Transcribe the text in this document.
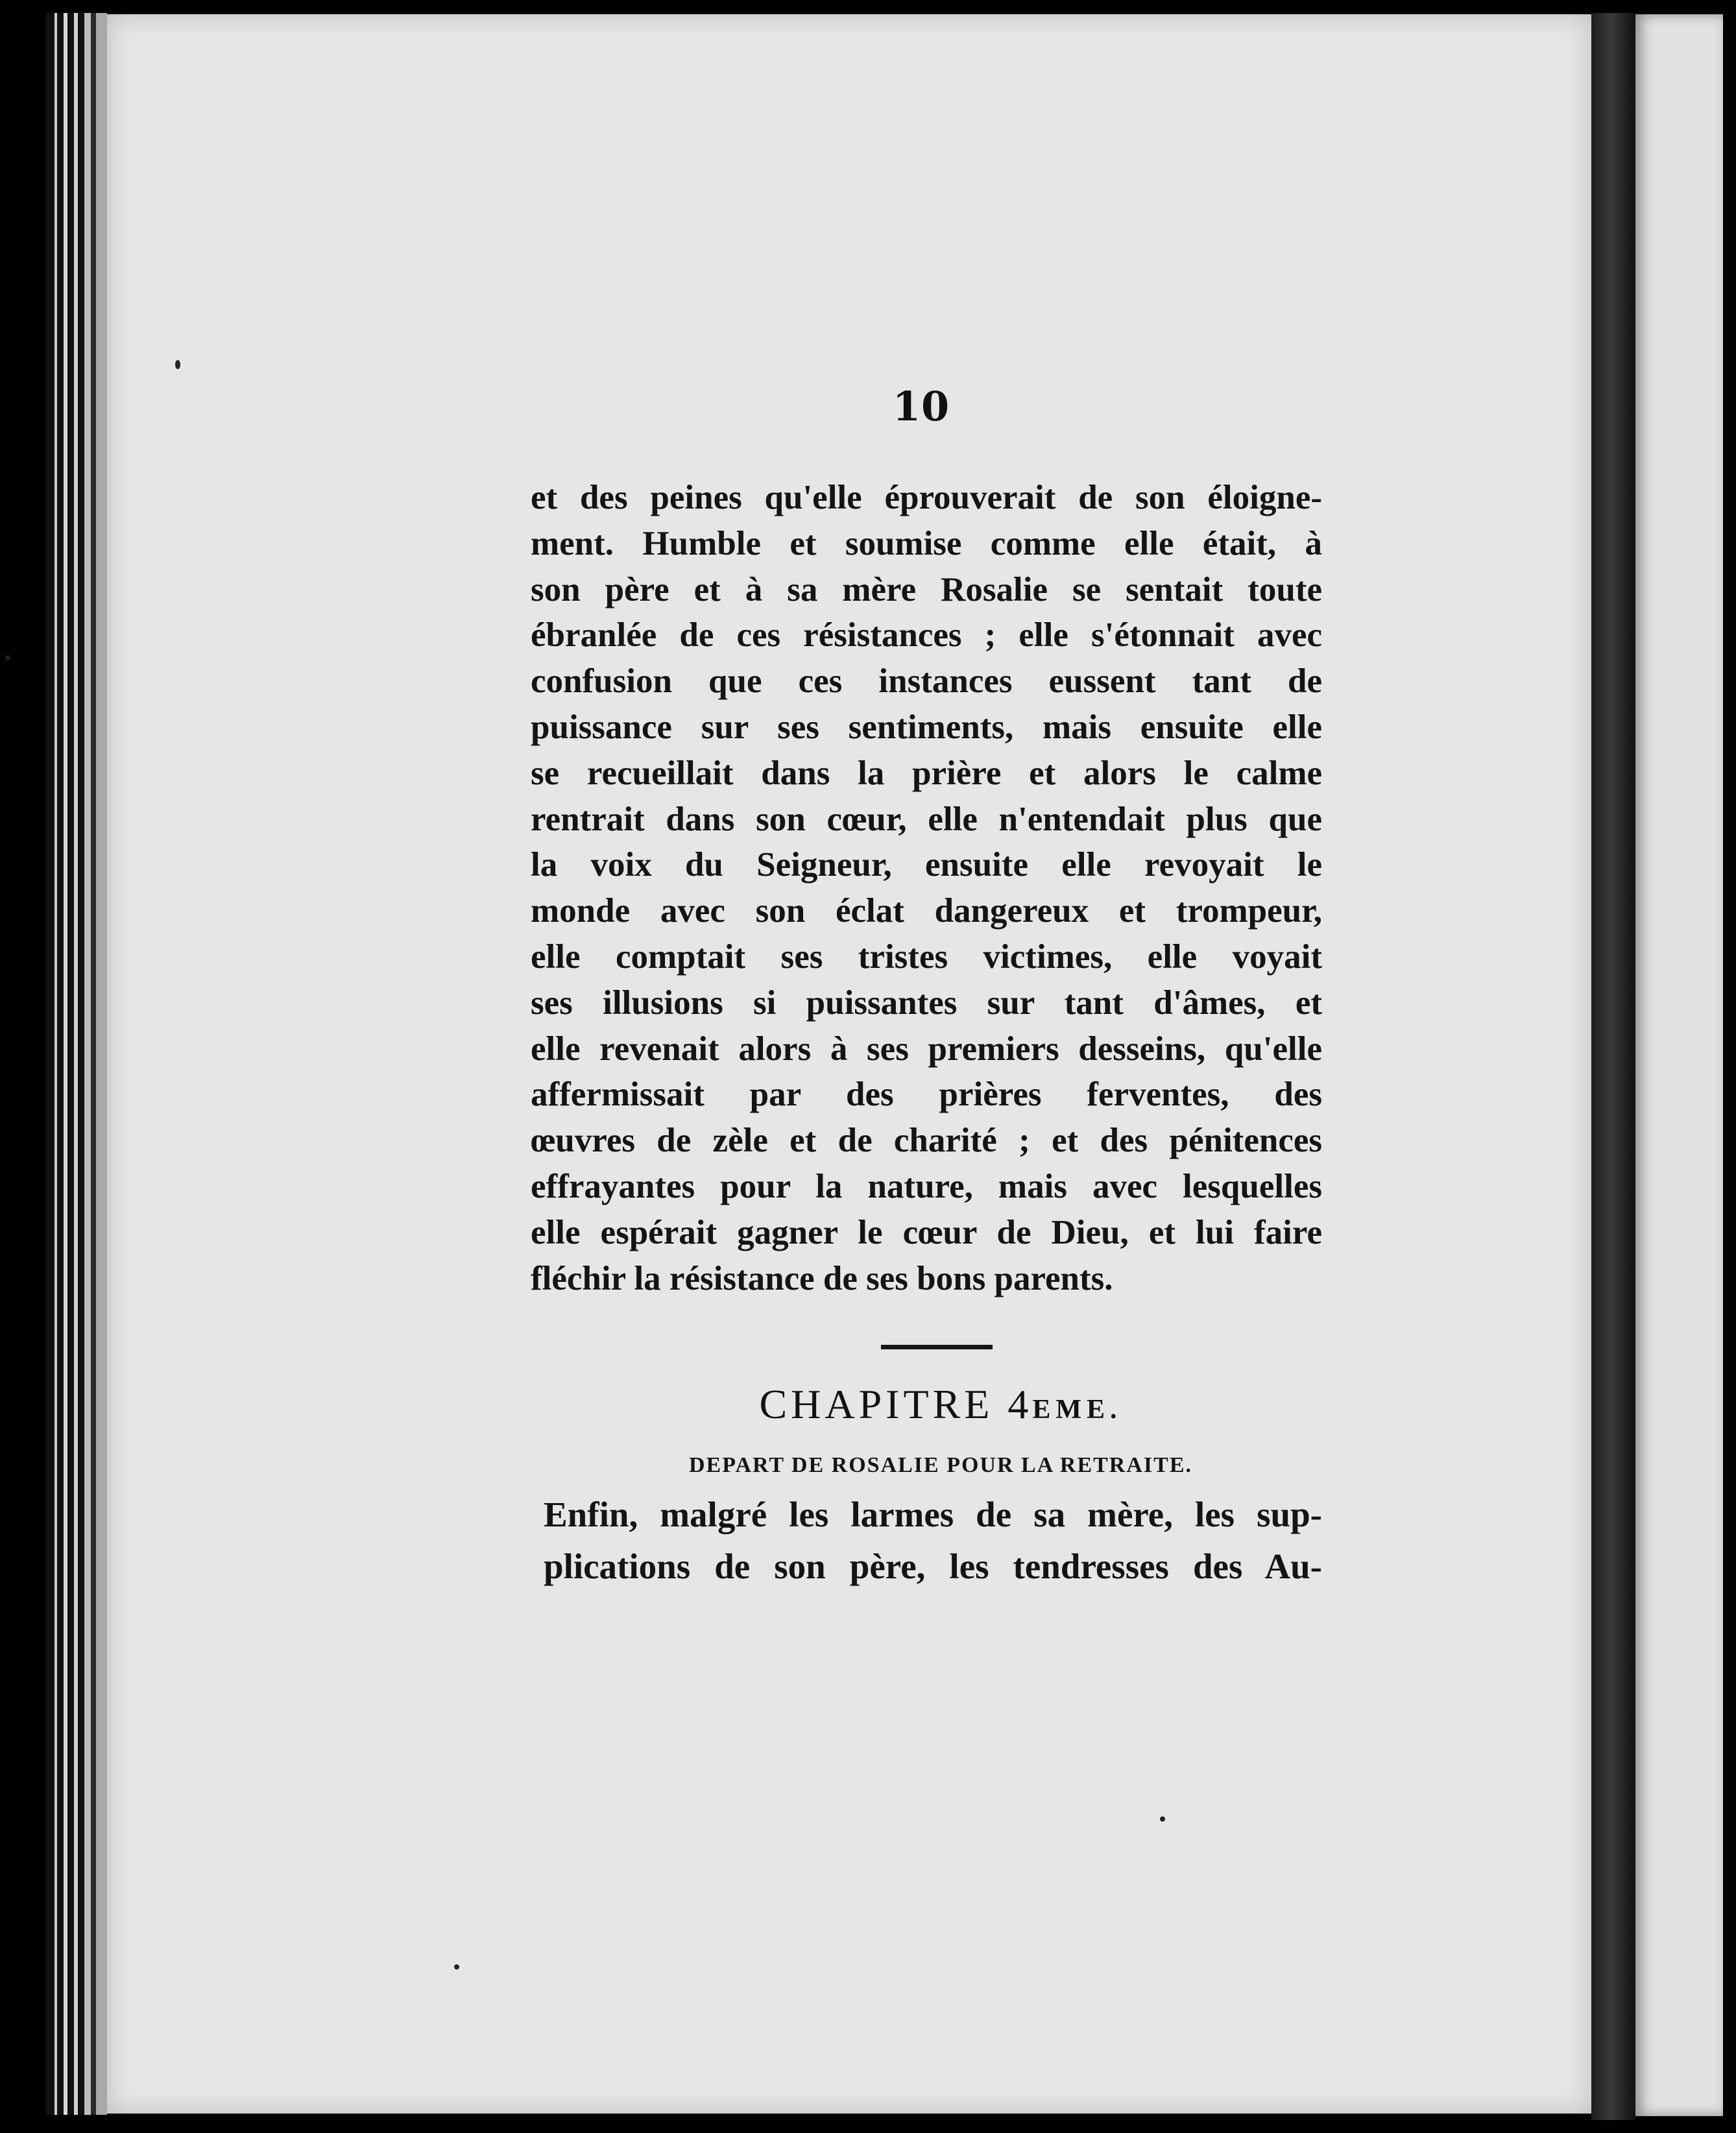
10
et des peines qu'elle éprouverait de son éloigne-
ment. Humble et soumise comme elle était, à
son père et à sa mère Rosalie se sentait toute
ébranlée de ces résistances ; elle s'étonnait avec
confusion que ces instances eussent tant de
puissance sur ses sentiments, mais ensuite elle
se recueillait dans la prière et alors le calme
rentrait dans son cœur, elle n'entendait plus que
la voix du Seigneur, ensuite elle revoyait le
monde avec son éclat dangereux et trompeur,
elle comptait ses tristes victimes, elle voyait
ses illusions si puissantes sur tant d'âmes, et
elle revenait alors à ses premiers desseins, qu'elle
affermissait par des prières ferventes, des
œuvres de zèle et de charité ; et des pénitences
effrayantes pour la nature, mais avec lesquelles
elle espérait gagner le cœur de Dieu, et lui faire
fléchir la résistance de ses bons parents.
CHAPITRE 4EME.
DEPART DE ROSALIE POUR LA RETRAITE.
Enfin, malgré les larmes de sa mère, les sup-
plications de son père, les tendresses des Au-
